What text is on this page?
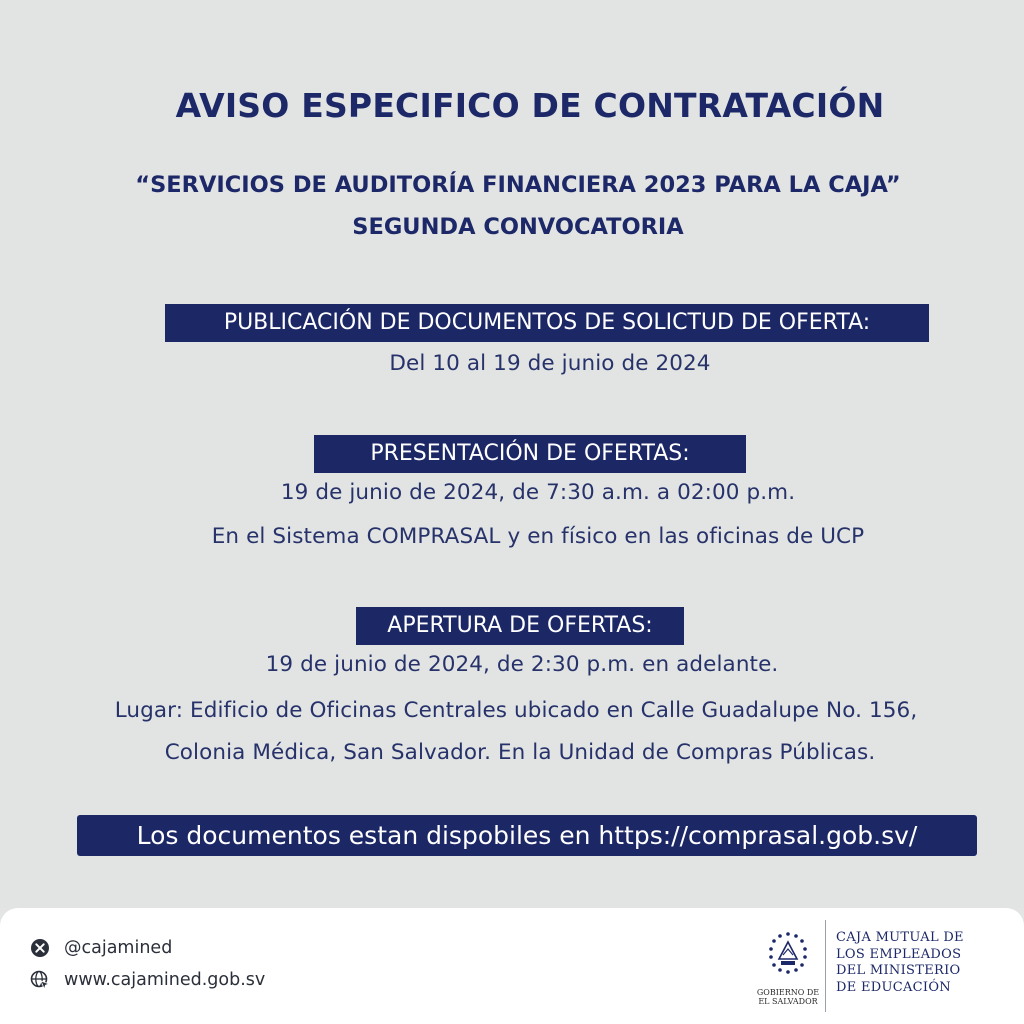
AVISO ESPECIFICO DE CONTRATACIÓN
“SERVICIOS DE AUDITORÍA FINANCIERA 2023 PARA LA CAJA”
SEGUNDA CONVOCATORIA
PUBLICACIÓN DE DOCUMENTOS DE SOLICTUD DE OFERTA:
Del 10 al 19 de junio de 2024
PRESENTACIÓN DE OFERTAS:
19 de junio de 2024, de 7:30 a.m. a 02:00 p.m.
En el Sistema COMPRASAL y en físico en las oficinas de UCP
APERTURA DE OFERTAS:
19 de junio de 2024, de 2:30 p.m. en adelante.
Lugar: Edificio de Oficinas Centrales ubicado en Calle Guadalupe No. 156,
Colonia Médica, San Salvador. En la Unidad de Compras Públicas.
Los documentos estan dispobiles en https://comprasal.gob.sv/
@cajamined
www.cajamined.gob.sv
GOBIERNO DE
EL SALVADOR
CAJA MUTUAL DE
LOS EMPLEADOS
DEL MINISTERIO
DE EDUCACIÓN
